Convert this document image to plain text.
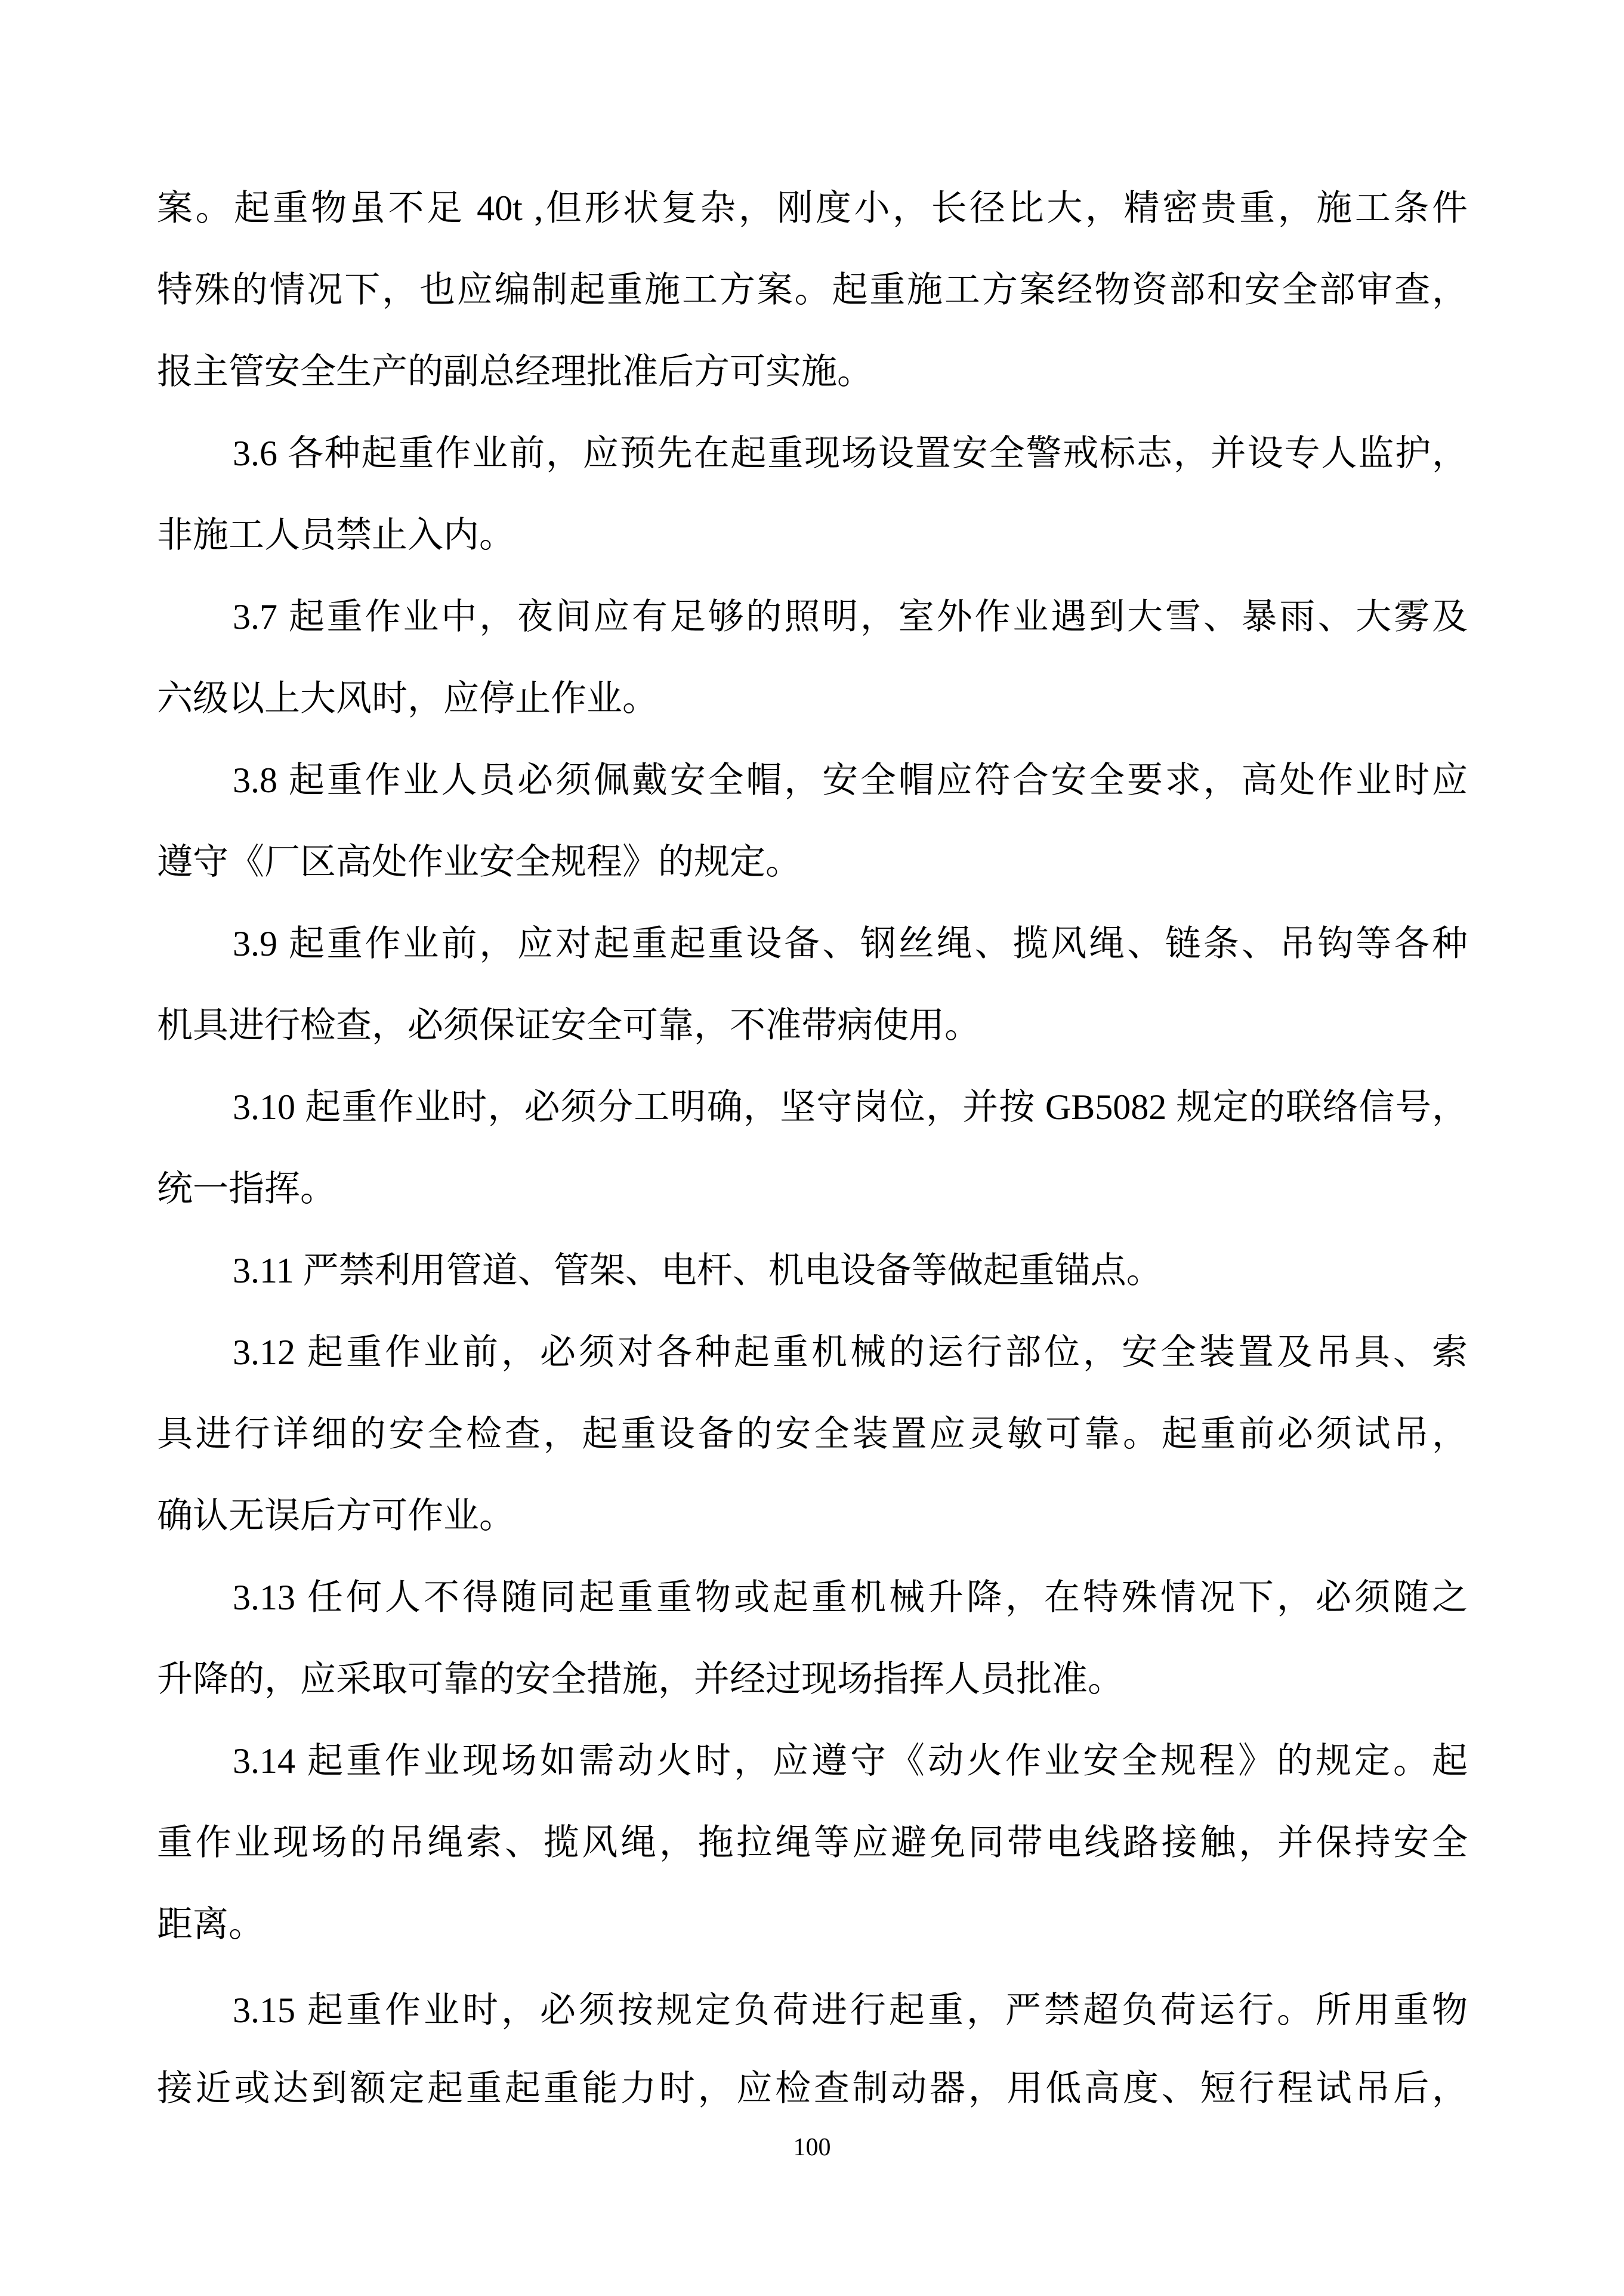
案。起重物虽不足 40t ,但形状复杂，刚度小，长径比大，精密贵重，施工条件
特殊的情况下，也应编制起重施工方案。起重施工方案经物资部和安全部审查，
报主管安全生产的副总经理批准后方可实施。
3.6 各种起重作业前，应预先在起重现场设置安全警戒标志，并设专人监护，
非施工人员禁止入内。
3.7 起重作业中，夜间应有足够的照明，室外作业遇到大雪、暴雨、大雾及
六级以上大风时，应停止作业。
3.8 起重作业人员必须佩戴安全帽，安全帽应符合安全要求，高处作业时应
遵守《厂区高处作业安全规程》的规定。
3.9 起重作业前，应对起重起重设备、钢丝绳、揽风绳、链条、吊钩等各种
机具进行检查，必须保证安全可靠，不准带病使用。
3.10 起重作业时，必须分工明确，坚守岗位，并按 GB5082 规定的联络信号，
统一指挥。
3.11 严禁利用管道、管架、电杆、机电设备等做起重锚点。
3.12 起重作业前，必须对各种起重机械的运行部位，安全装置及吊具、索
具进行详细的安全检查，起重设备的安全装置应灵敏可靠。起重前必须试吊，
确认无误后方可作业。
3.13 任何人不得随同起重重物或起重机械升降，在特殊情况下，必须随之
升降的，应采取可靠的安全措施，并经过现场指挥人员批准。
3.14 起重作业现场如需动火时，应遵守《动火作业安全规程》的规定。起
重作业现场的吊绳索、揽风绳，拖拉绳等应避免同带电线路接触，并保持安全
距离。
3.15 起重作业时，必须按规定负荷进行起重，严禁超负荷运行。所用重物
接近或达到额定起重起重能力时，应检查制动器，用低高度、短行程试吊后，
100
